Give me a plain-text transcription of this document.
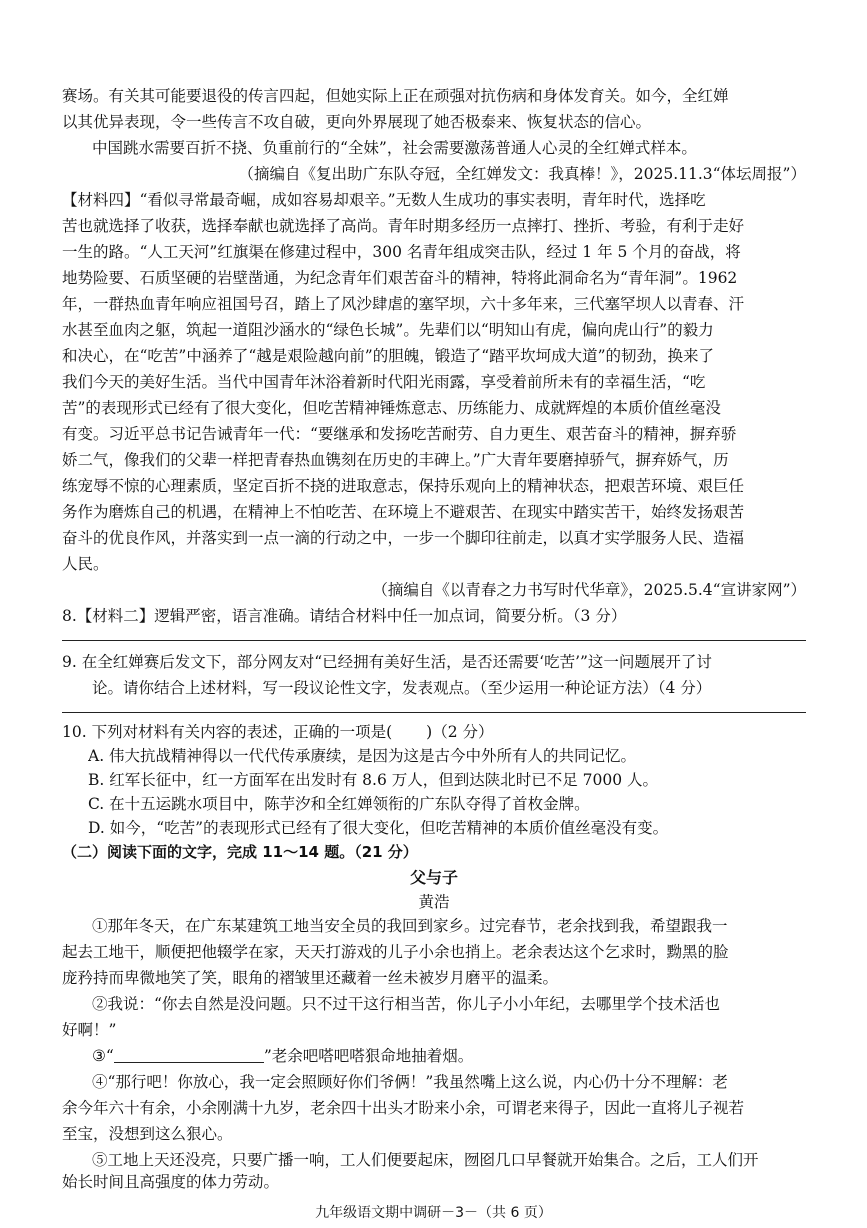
赛场。有关其可能要退役的传言四起，但她实际上正在顽强对抗伤病和身体发育关。如今，全红婵
以其优异表现，令一些传言不攻自破，更向外界展现了她否极泰来、恢复状态的信心。
中国跳水需要百折不挠、负重前行的“全妹”，社会需要激荡普通人心灵的全红婵式样本。
（摘编自《复出助广东队夺冠，全红婵发文：我真棒！》，2025.11.3“体坛周报”）
【材料四】“看似寻常最奇崛，成如容易却艰辛。”无数人生成功的事实表明，青年时代，选择吃
苦也就选择了收获，选择奉献也就选择了高尚。青年时期多经历一点摔打、挫折、考验，有利于走好
一生的路。“人工天河”红旗渠在修建过程中，300 名青年组成突击队，经过 1 年 5 个月的奋战，将
地势险要、石质坚硬的岩壁凿通，为纪念青年们艰苦奋斗的精神，特将此洞命名为“青年洞”。1962
年，一群热血青年响应祖国号召，踏上了风沙肆虐的塞罕坝，六十多年来，三代塞罕坝人以青春、汗
水甚至血肉之躯，筑起一道阻沙涵水的“绿色长城”。先辈们以“明知山有虎，偏向虎山行”的毅力
和决心，在“吃苦”中涵养了“越是艰险越向前”的胆魄，锻造了“踏平坎坷成大道”的韧劲，换来了
我们今天的美好生活。当代中国青年沐浴着新时代阳光雨露，享受着前所未有的幸福生活，“吃
苦”的表现形式已经有了很大变化，但吃苦精神锤炼意志、历练能力、成就辉煌的本质价值丝毫没
有变。习近平总书记告诫青年一代：“要继承和发扬吃苦耐劳、自力更生、艰苦奋斗的精神，摒弃骄
娇二气，像我们的父辈一样把青春热血镌刻在历史的丰碑上。”广大青年要磨掉骄气，摒弃娇气，历
练宠辱不惊的心理素质，坚定百折不挠的进取意志，保持乐观向上的精神状态，把艰苦环境、艰巨任
务作为磨炼自己的机遇，在精神上不怕吃苦、在环境上不避艰苦、在现实中踏实苦干，始终发扬艰苦
奋斗的优良作风，并落实到一点一滴的行动之中，一步一个脚印往前走，以真才实学服务人民、造福
人民。
（摘编自《以青春之力书写时代华章》，2025.5.4“宣讲家网”）
8.【材料二】逻辑严密，语言准确。请结合材料中任一加点词，简要分析。（3 分）
9. 在全红婵赛后发文下，部分网友对“已经拥有美好生活，是否还需要‘吃苦’”这一问题展开了讨
论。请你结合上述材料，写一段议论性文字，发表观点。（至少运用一种论证方法）（4 分）
10. 下列对材料有关内容的表述，正确的一项是( )（2 分）
A. 伟大抗战精神得以一代代传承赓续，是因为这是古今中外所有人的共同记忆。
B. 红军长征中，红一方面军在出发时有 8.6 万人，但到达陕北时已不足 7000 人。
C. 在十五运跳水项目中，陈芋汐和全红婵领衔的广东队夺得了首枚金牌。
D. 如今，“吃苦”的表现形式已经有了很大变化，但吃苦精神的本质价值丝毫没有变。
（二）阅读下面的文字，完成 11～14 题。（21 分）
父与子
黄浩
①那年冬天，在广东某建筑工地当安全员的我回到家乡。过完春节，老余找到我，希望跟我一
起去工地干，顺便把他辍学在家，天天打游戏的儿子小余也捎上。老余表达这个乞求时，黝黑的脸
庞矜持而卑微地笑了笑，眼角的褶皱里还藏着一丝未被岁月磨平的温柔。
②我说：“你去自然是没问题。只不过干这行相当苦，你儿子小小年纪，去哪里学个技术活也
好啊！”
③“	”老余吧嗒吧嗒狠命地抽着烟。
④“那行吧！你放心，我一定会照顾好你们爷俩！”我虽然嘴上这么说，内心仍十分不理解：老
余今年六十有余，小余刚满十九岁，老余四十出头才盼来小余，可谓老来得子，因此一直将儿子视若
至宝，没想到这么狠心。
⑤工地上天还没亮，只要广播一响，工人们便要起床，囫囵几口早餐就开始集合。之后，工人们开
始长时间且高强度的体力劳动。
九年级语文期中调研－3－（共 6 页）
